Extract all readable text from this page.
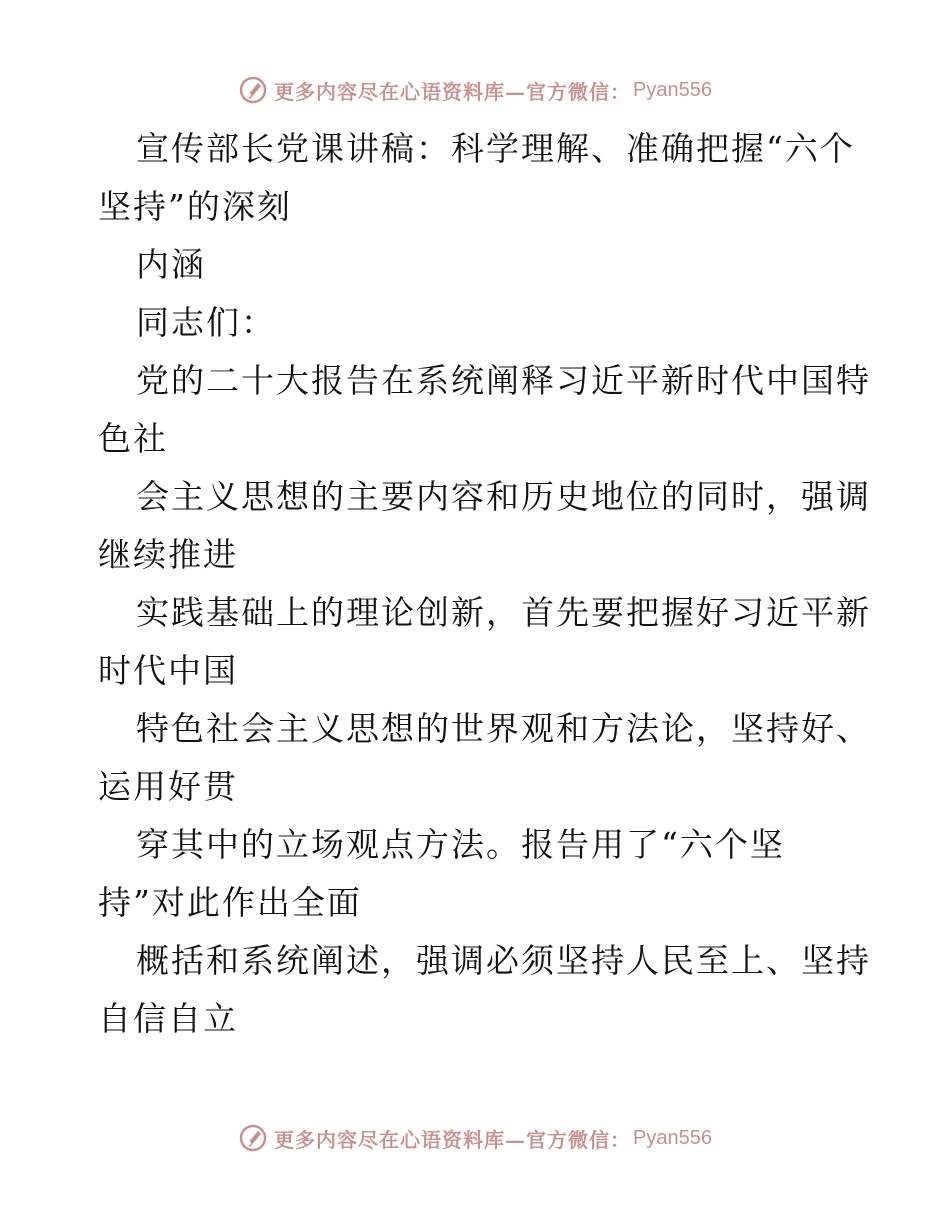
更多内容尽在心语资料库—官方微信： Pyan556
宣传部长党课讲稿：科学理解、准确把握“六个
坚持”的深刻
内涵
同志们：
党的二十大报告在系统阐释习近平新时代中国特
色社
会主义思想的主要内容和历史地位的同时，强调
继续推进
实践基础上的理论创新，首先要把握好习近平新
时代中国
特色社会主义思想的世界观和方法论，坚持好、
运用好贯
穿其中的立场观点方法。报告用了“六个坚
持”对此作出全面
概括和系统阐述，强调必须坚持人民至上、坚持
自信自立
更多内容尽在心语资料库—官方微信： Pyan556
